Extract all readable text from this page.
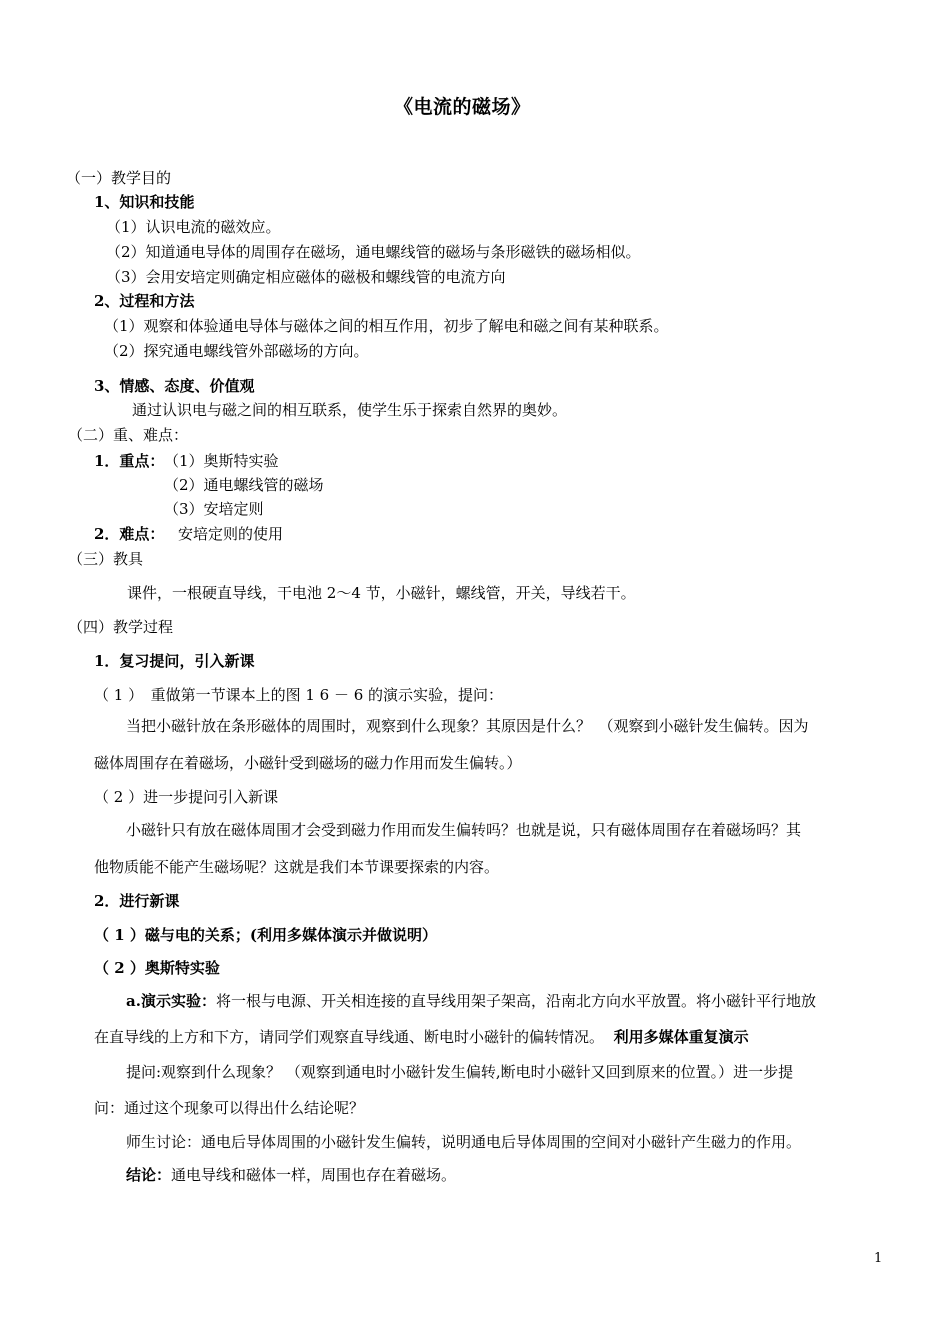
《电流的磁场》
（一）教学目的
1、知识和技能
（1）认识电流的磁效应。
（2）知道通电导体的周围存在磁场，通电螺线管的磁场与条形磁铁的磁场相似。
（3）会用安培定则确定相应磁体的磁极和螺线管的电流方向
2、过程和方法
（1）观察和体验通电导体与磁体之间的相互作用，初步了解电和磁之间有某种联系。
（2）探究通电螺线管外部磁场的方向。
3、情感、态度、价值观
通过认识电与磁之间的相互联系，使学生乐于探索自然界的奥妙。
（二）重、难点：
1．重点： （1）奥斯特实验
（2）通电螺线管的磁场
（3）安培定则
2．难点： 安培定则的使用
（三）教具
课件，一根硬直导线，干电池 2～4 节，小磁针，螺线管，开关，导线若干。
（四）教学过程
1．复习提问，引入新课
（ 1 ）　重做第一节课本上的图 1 6 － 6 的演示实验，提问：
当把小磁针放在条形磁体的周围时，观察到什么现象？其原因是什么？　（观察到小磁针发生偏转。因为
磁体周围存在着磁场，小磁针受到磁场的磁力作用而发生偏转。）
（ 2 ）进一步提问引入新课
小磁针只有放在磁体周围才会受到磁力作用而发生偏转吗？也就是说，只有磁体周围存在着磁场吗？其
他物质能不能产生磁场呢？这就是我们本节课要探索的内容。
2．进行新课
（ 1 ）磁与电的关系；(利用多媒体演示并做说明）
（ 2 ）奥斯特实验
a.演示实验：将一根与电源、开关相连接的直导线用架子架高，沿南北方向水平放置。将小磁针平行地放
在直导线的上方和下方，请同学们观察直导线通、断电时小磁针的偏转情况。 利用多媒体重复演示
提问:观察到什么现象？ （观察到通电时小磁针发生偏转,断电时小磁针又回到原来的位置。）进一步提
问：通过这个现象可以得出什么结论呢？
师生讨论：通电后导体周围的小磁针发生偏转，说明通电后导体周围的空间对小磁针产生磁力的作用。
结论：通电导线和磁体一样，周围也存在着磁场。
1
